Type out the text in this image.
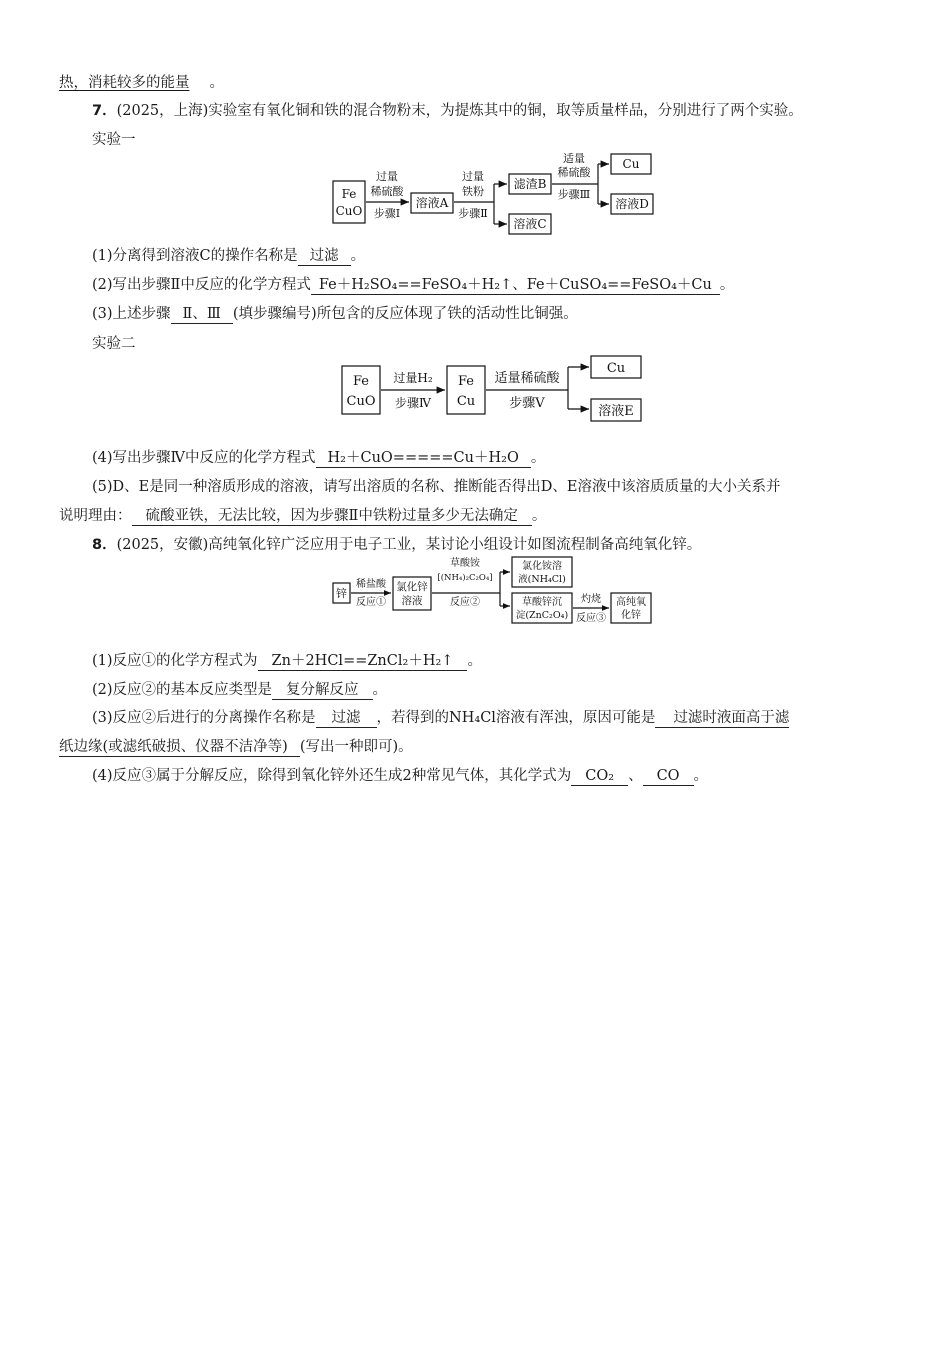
热，消耗较多的能量 。
7．(2025，上海)实验室有氧化铜和铁的混合物粉末，为提炼其中的铜，取等质量样品，分别进行了两个实验。
实验一
Fe
CuO
过量
稀硫酸
步骤Ⅰ
溶液A
过量
铁粉
步骤Ⅱ
滤渣B
溶液C
适量
稀硫酸
步骤Ⅲ
Cu
溶液D
(1)分离得到溶液C的操作名称是 过滤 。
(2)写出步骤Ⅱ中反应的化学方程式 Fe＋H₂SO₄==FeSO₄＋H₂↑、Fe＋CuSO₄==FeSO₄＋Cu 。
(3)上述步骤 Ⅱ、Ⅲ (填步骤编号)所包含的反应体现了铁的活动性比铜强。
实验二
Fe
CuO
过量H₂
步骤Ⅳ
Fe
Cu
适量稀硫酸
步骤Ⅴ
Cu
溶液E
(4)写出步骤Ⅳ中反应的化学方程式 H₂＋CuO=====Cu＋H₂O 。
(5)D、E是同一种溶质形成的溶液，请写出溶质的名称、推断能否得出D、E溶液中该溶质质量的大小关系并
说明理由： 硫酸亚铁，无法比较，因为步骤Ⅱ中铁粉过量多少无法确定 。
8．(2025，安徽)高纯氧化锌广泛应用于电子工业，某讨论小组设计如图流程制备高纯氧化锌。
锌
稀盐酸
反应①
氯化锌
溶液
草酸铵
[(NH₄)₂C₂O₄]
反应②
氯化铵溶
液(NH₄Cl)
草酸锌沉
淀(ZnC₂O₄)
灼烧
反应③
高纯氧
化锌
(1)反应①的化学方程式为 Zn＋2HCl==ZnCl₂＋H₂↑ 。
(2)反应②的基本反应类型是 复分解反应 。
(3)反应②后进行的分离操作名称是 过滤 ，若得到的NH₄Cl溶液有浑浊，原因可能是 过滤时液面高于滤
纸边缘(或滤纸破损、仪器不洁净等) (写出一种即可)。
(4)反应③属于分解反应，除得到氧化锌外还生成2种常见气体，其化学式为 CO₂ 、 CO 。
